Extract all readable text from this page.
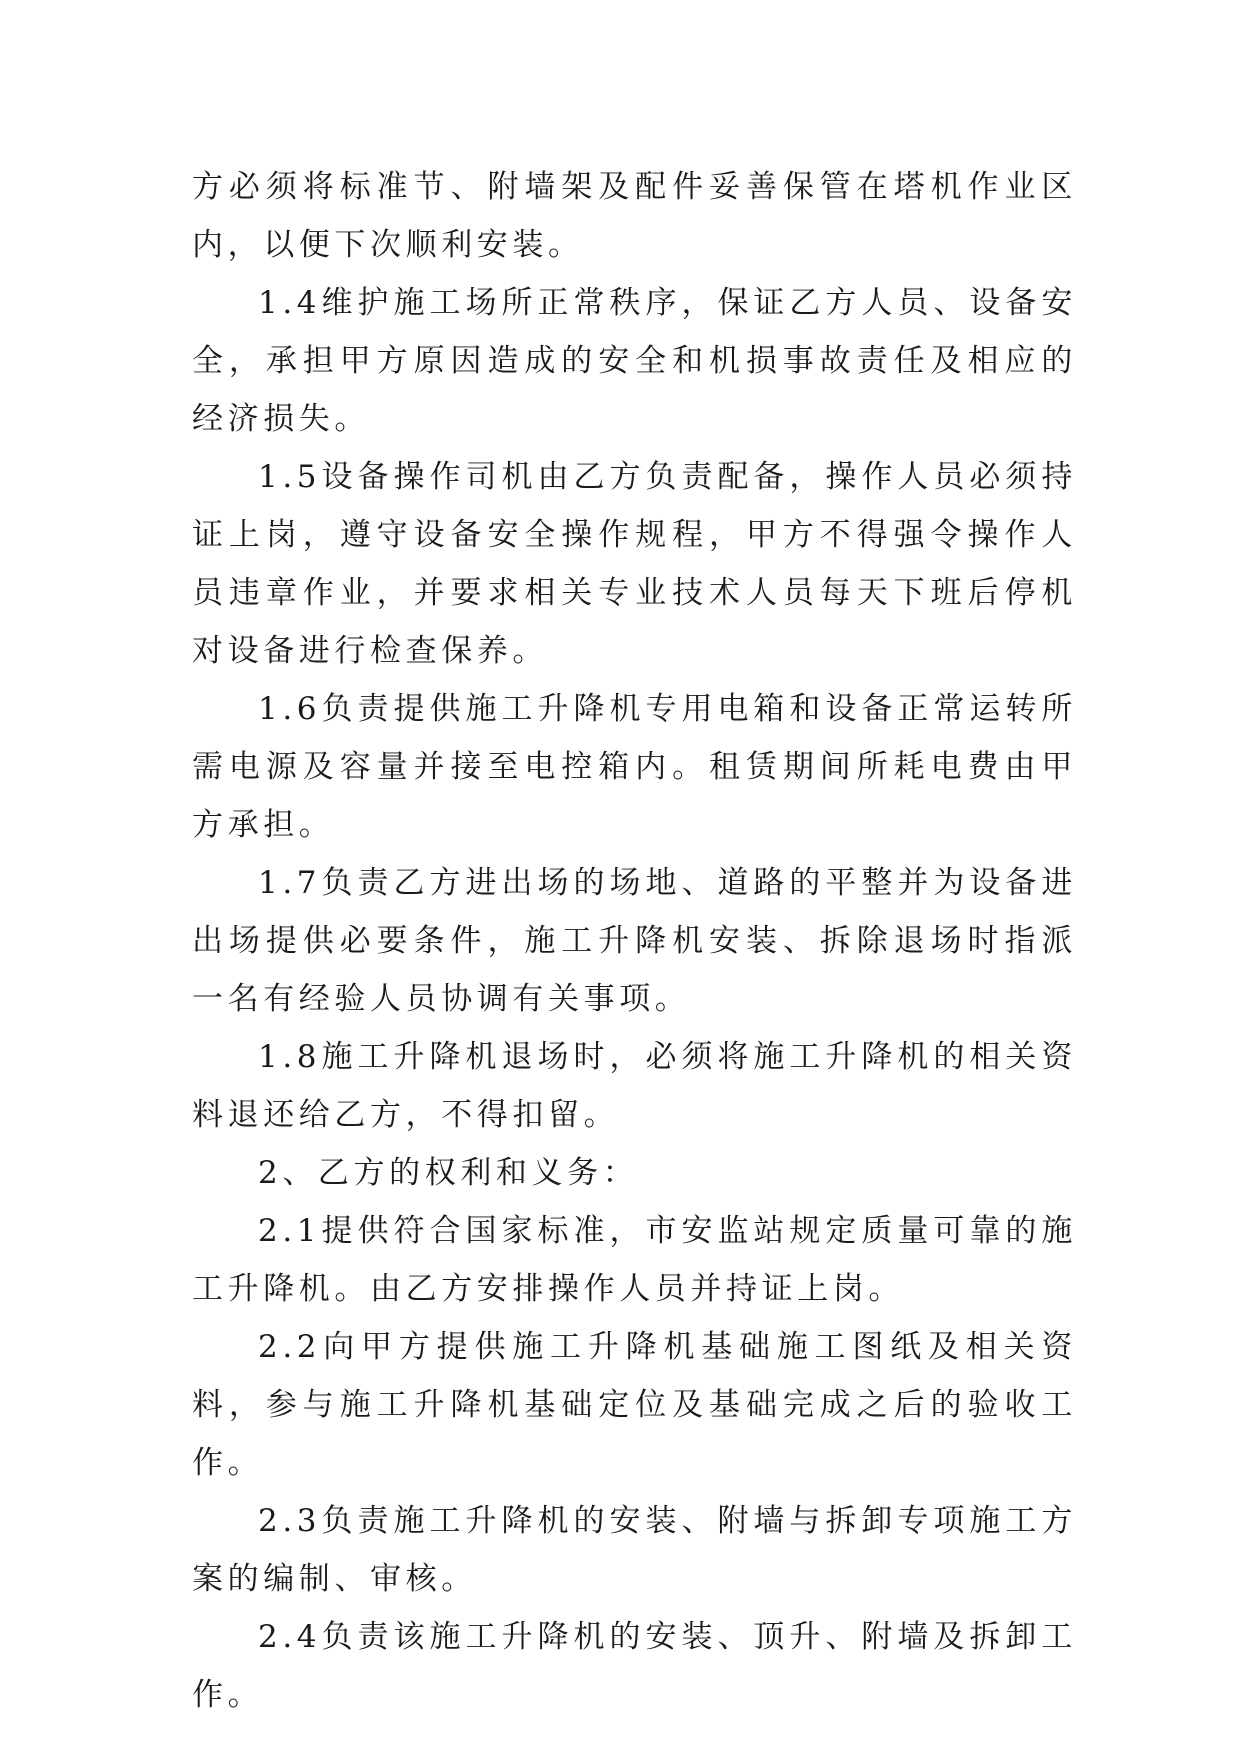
方必须将标准节、附墙架及配件妥善保管在塔机作业区内，以便下次顺利安装。

1.4维护施工场所正常秩序，保证乙方人员、设备安全，承担甲方原因造成的安全和机损事故责任及相应的经济损失。

1.5设备操作司机由乙方负责配备，操作人员必须持证上岗，遵守设备安全操作规程，甲方不得强令操作人员违章作业，并要求相关专业技术人员每天下班后停机对设备进行检查保养。

1.6负责提供施工升降机专用电箱和设备正常运转所需电源及容量并接至电控箱内。租赁期间所耗电费由甲方承担。

1.7负责乙方进出场的场地、道路的平整并为设备进出场提供必要条件，施工升降机安装、拆除退场时指派一名有经验人员协调有关事项。

1.8施工升降机退场时，必须将施工升降机的相关资料退还给乙方，不得扣留。

2、乙方的权利和义务：

2.1提供符合国家标准，市安监站规定质量可靠的施工升降机。由乙方安排操作人员并持证上岗。

2.2向甲方提供施工升降机基础施工图纸及相关资料，参与施工升降机基础定位及基础完成之后的验收工作。

2.3负责施工升降机的安装、附墙与拆卸专项施工方案的编制、审核。

2.4负责该施工升降机的安装、顶升、附墙及拆卸工作。
